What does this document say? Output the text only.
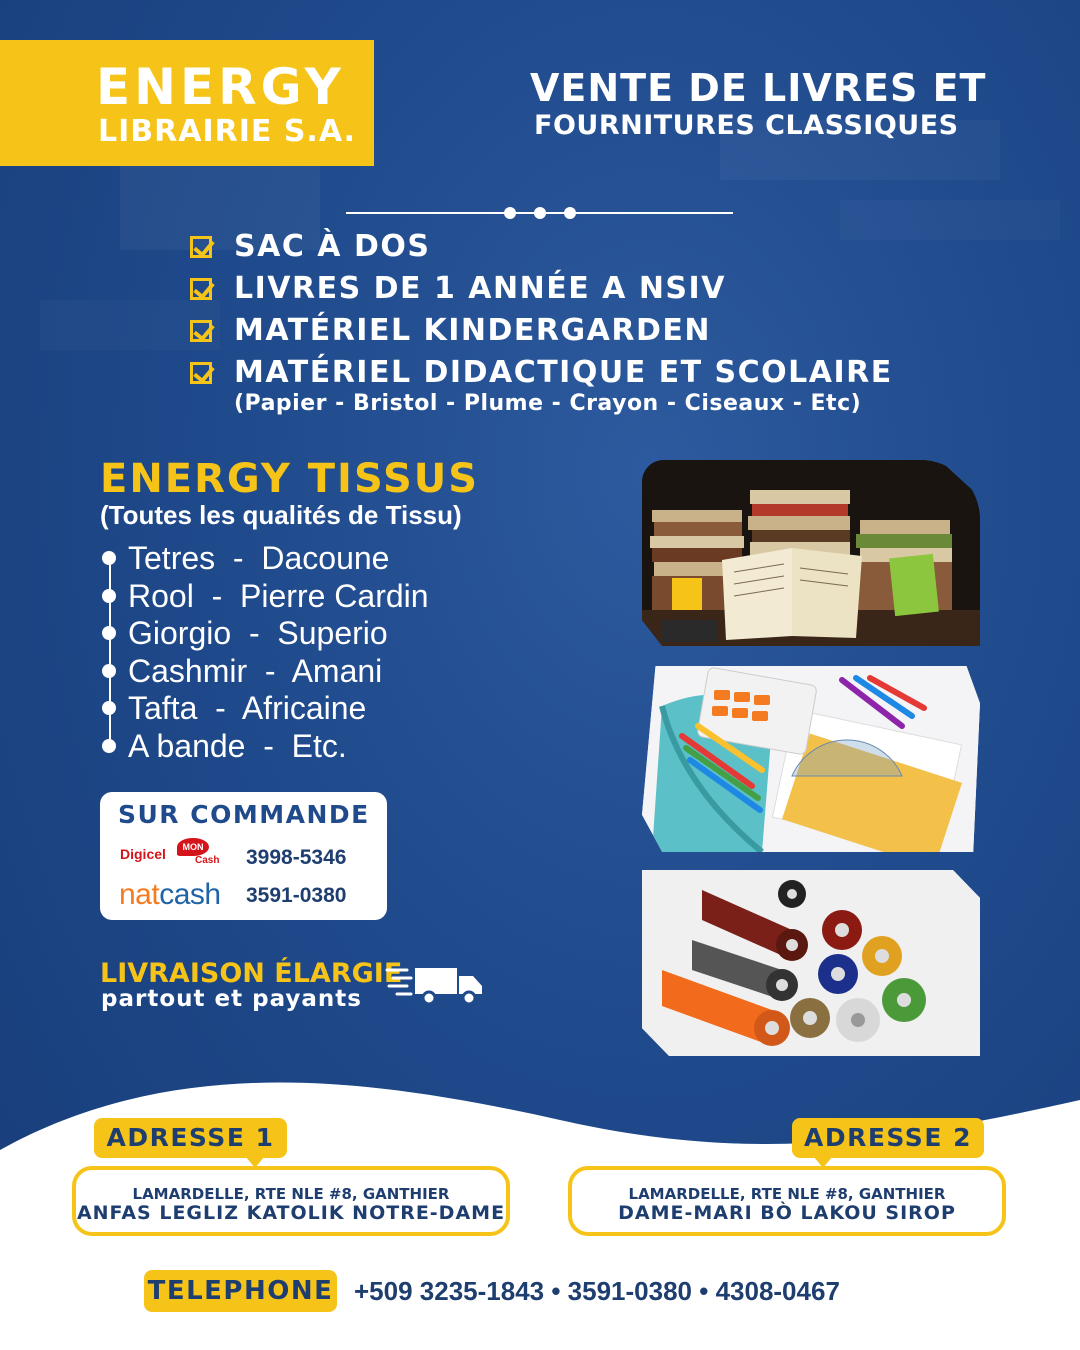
ENERGY
LIBRAIRIE S.A.
VENTE DE LIVRES ET
FOURNITURES CLASSIQUES
SAC À DOS
LIVRES DE 1 ANNÉE A NSIV
MATÉRIEL KINDERGARDEN
MATÉRIEL DIDACTIQUE ET SCOLAIRE
(Papier - Bristol - Plume - Crayon - Ciseaux - Etc)
ENERGY TISSUS
(Toutes les qualités de Tissu)
Tetres  -  Dacoune
Rool  -  Pierre Cardin
Giorgio  -  Superio
Cashmir  -  Amani
Tafta  -  Africaine
A bande  -  Etc.
SUR COMMANDE
Digicel	MON
Cash 3998-5346
natcash 3591-0380
LIVRAISON ÉLARGIE
partout et payants
ADRESSE 1
LAMARDELLE, RTE NLE #8, GANTHIER
ANFAS LEGLIZ KATOLIK NOTRE-DAME
ADRESSE 2
LAMARDELLE, RTE NLE #8, GANTHIER
DAME-MARI BÒ LAKOU SIROP
TELEPHONE +509 3235-1843 • 3591-0380 • 4308-0467
